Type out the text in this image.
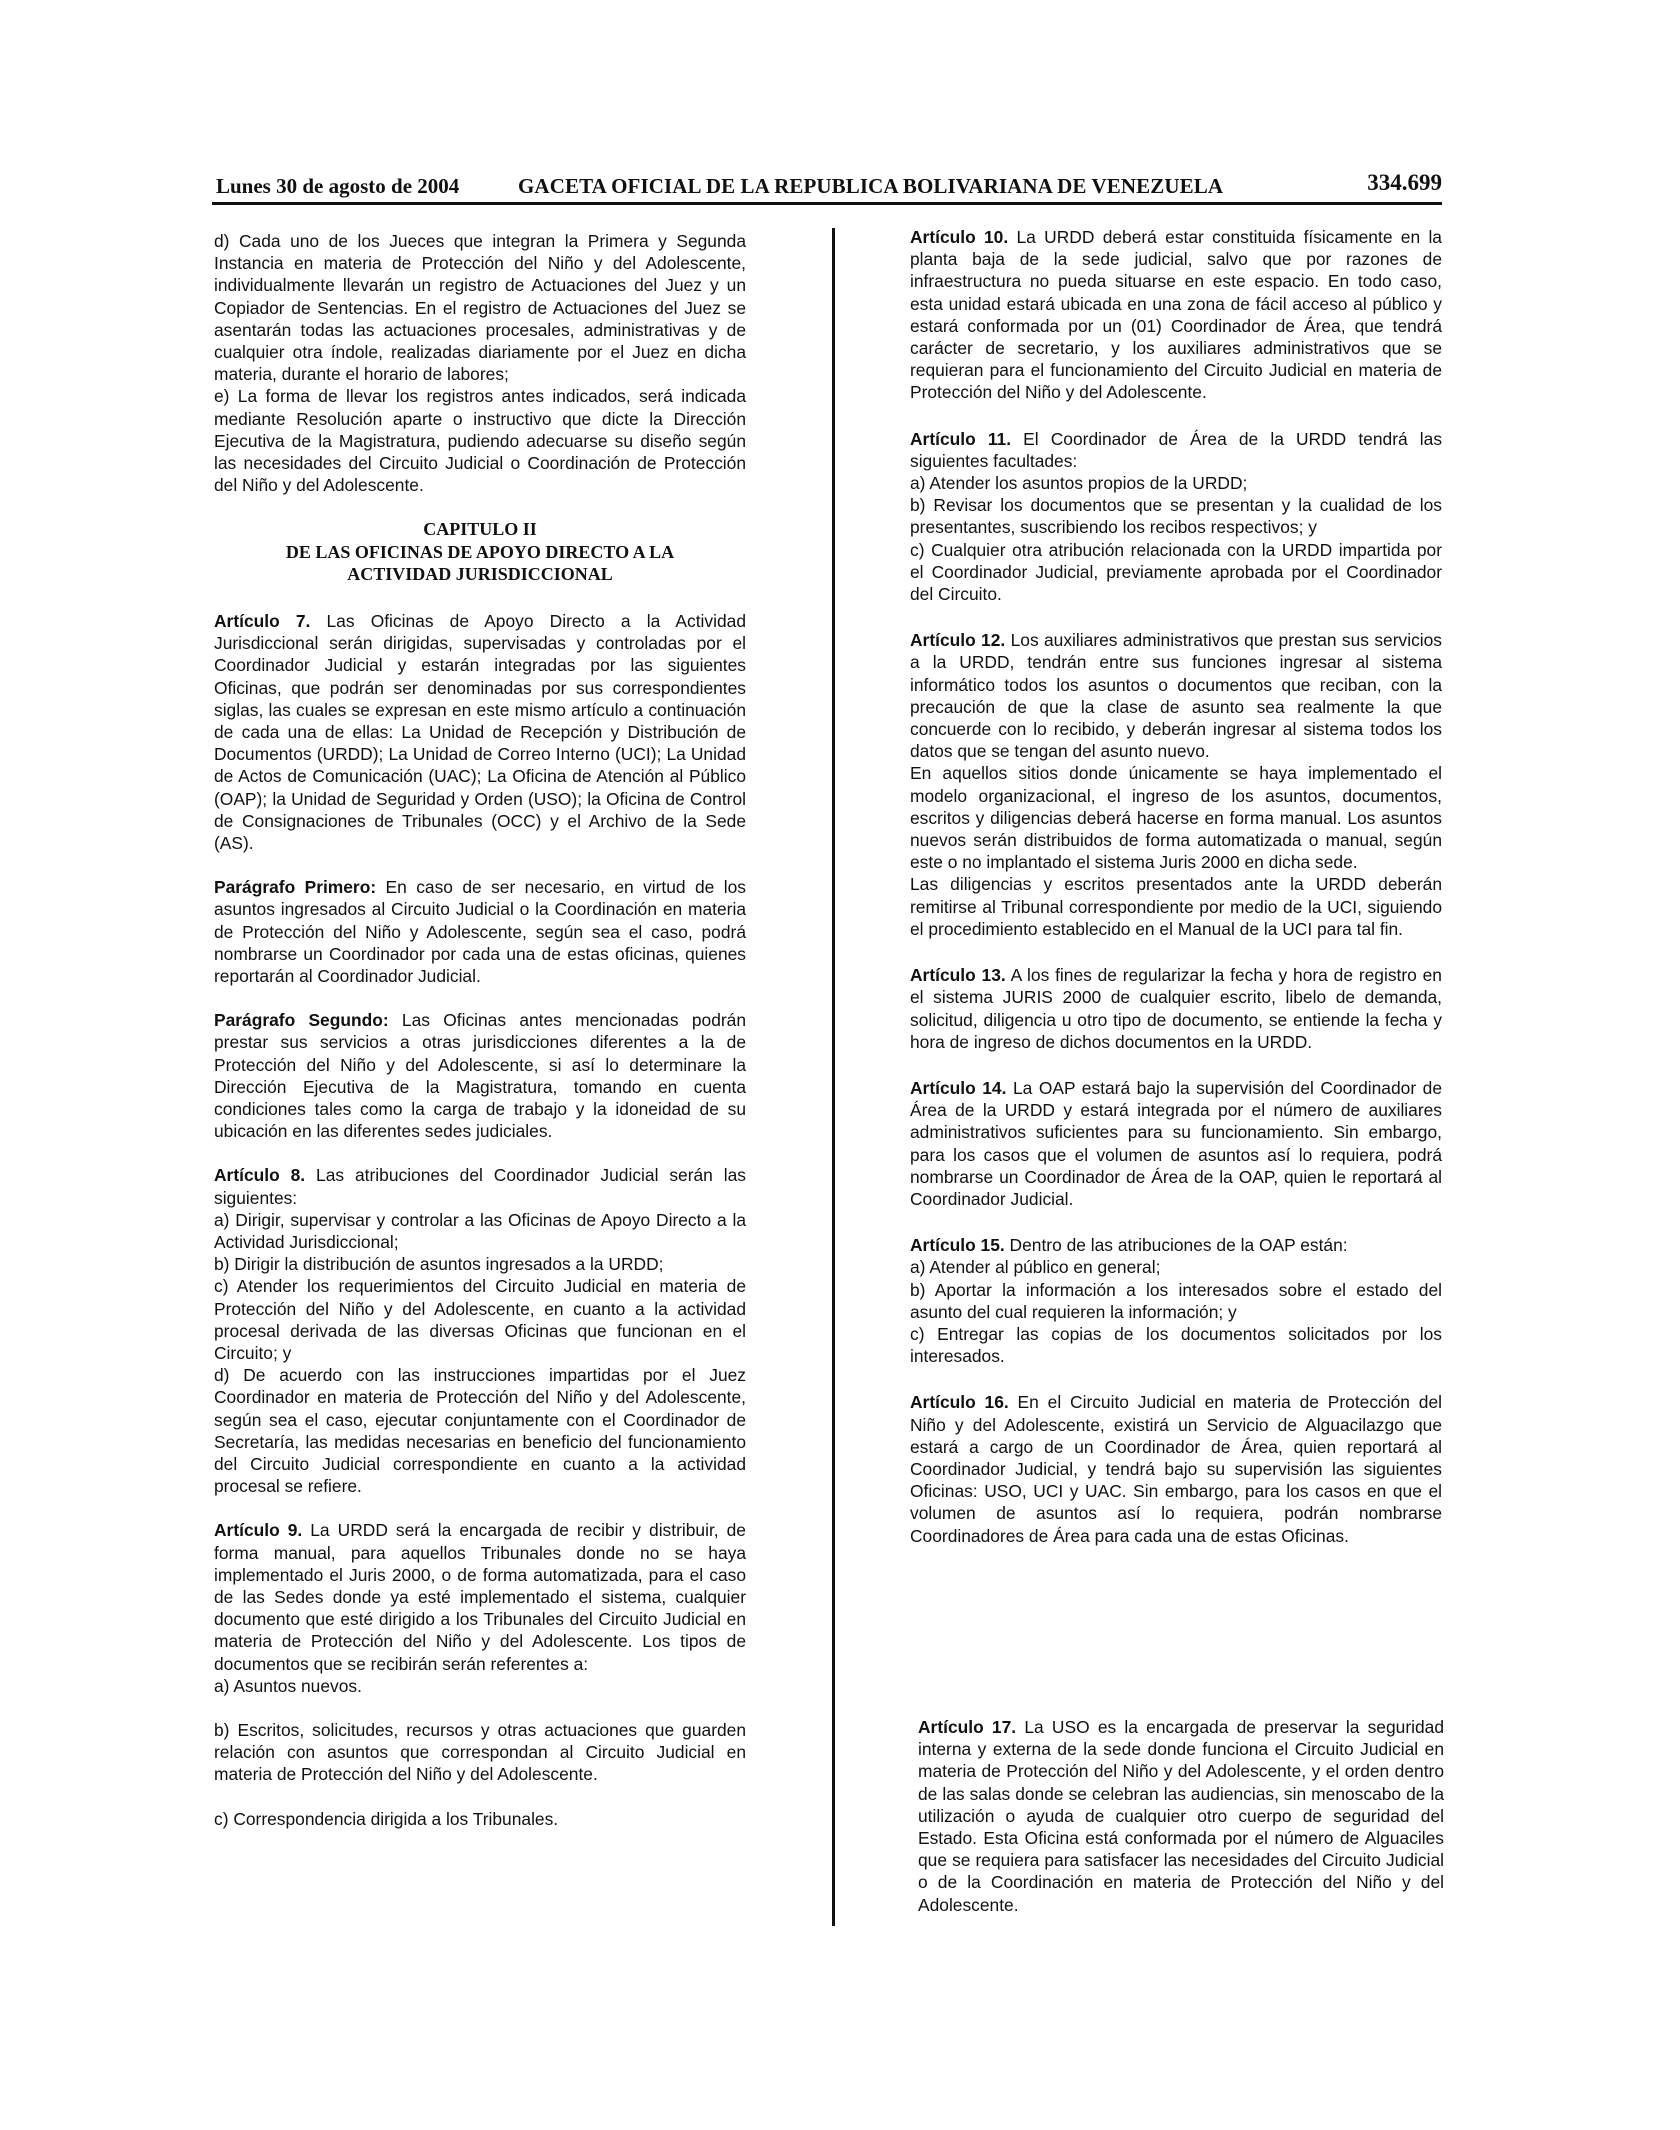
Lunes 30 de agosto de 2004	GACETA OFICIAL DE LA REPUBLICA BOLIVARIANA DE VENEZUELA	334.699

d) Cada uno de los Jueces que integran la Primera y Segunda Instancia en materia de Protección del Niño y del Adolescente, individualmente llevarán un registro de Actuaciones del Juez y un Copiador de Sentencias. En el registro de Actuaciones del Juez se asentarán todas las actuaciones procesales, administrativas y de cualquier otra índole, realizadas diariamente por el Juez en dicha materia, durante el horario de labores;

e) La forma de llevar los registros antes indicados, será indicada mediante Resolución aparte o instructivo que dicte la Dirección Ejecutiva de la Magistratura, pudiendo adecuarse su diseño según las necesidades del Circuito Judicial o Coordinación de Protección del Niño y del Adolescente.

CAPITULO II
DE LAS OFICINAS DE APOYO DIRECTO A LA
ACTIVIDAD JURISDICCIONAL

Artículo 7. Las Oficinas de Apoyo Directo a la Actividad Jurisdiccional serán dirigidas, supervisadas y controladas por el Coordinador Judicial y estarán integradas por las siguientes Oficinas, que podrán ser denominadas por sus correspondientes siglas, las cuales se expresan en este mismo artículo a continuación de cada una de ellas: La Unidad de Recepción y Distribución de Documentos (URDD); La Unidad de Correo Interno (UCI); La Unidad de Actos de Comunicación (UAC); La Oficina de Atención al Público (OAP); la Unidad de Seguridad y Orden (USO); la Oficina de Control de Consignaciones de Tribunales (OCC) y el Archivo de la Sede (AS).

Parágrafo Primero: En caso de ser necesario, en virtud de los asuntos ingresados al Circuito Judicial o la Coordinación en materia de Protección del Niño y Adolescente, según sea el caso, podrá nombrarse un Coordinador por cada una de estas oficinas, quienes reportarán al Coordinador Judicial.

Parágrafo Segundo: Las Oficinas antes mencionadas podrán prestar sus servicios a otras jurisdicciones diferentes a la de Protección del Niño y del Adolescente, si así lo determinare la Dirección Ejecutiva de la Magistratura, tomando en cuenta condiciones tales como la carga de trabajo y la idoneidad de su ubicación en las diferentes sedes judiciales.

Artículo 8. Las atribuciones del Coordinador Judicial serán las siguientes:

a) Dirigir, supervisar y controlar a las Oficinas de Apoyo Directo a la Actividad Jurisdiccional;

b) Dirigir la distribución de asuntos ingresados a la URDD;

c) Atender los requerimientos del Circuito Judicial en materia de Protección del Niño y del Adolescente, en cuanto a la actividad procesal derivada de las diversas Oficinas que funcionan en el Circuito; y

d) De acuerdo con las instrucciones impartidas por el Juez Coordinador en materia de Protección del Niño y del Adolescente, según sea el caso, ejecutar conjuntamente con el Coordinador de Secretaría, las medidas necesarias en beneficio del funcionamiento del Circuito Judicial correspondiente en cuanto a la actividad procesal se refiere.

Artículo 9. La URDD será la encargada de recibir y distribuir, de forma manual, para aquellos Tribunales donde no se haya implementado el Juris 2000, o de forma automatizada, para el caso de las Sedes donde ya esté implementado el sistema, cualquier documento que esté dirigido a los Tribunales del Circuito Judicial en materia de Protección del Niño y del Adolescente. Los tipos de documentos que se recibirán serán referentes a:

a) Asuntos nuevos.

b) Escritos, solicitudes, recursos y otras actuaciones que guarden relación con asuntos que correspondan al Circuito Judicial en materia de Protección del Niño y del Adolescente.

c) Correspondencia dirigida a los Tribunales.

Artículo 10. La URDD deberá estar constituida físicamente en la planta baja de la sede judicial, salvo que por razones de infraestructura no pueda situarse en este espacio. En todo caso, esta unidad estará ubicada en una zona de fácil acceso al público y estará conformada por un (01) Coordinador de Área, que tendrá carácter de secretario, y los auxiliares administrativos que se requieran para el funcionamiento del Circuito Judicial en materia de Protección del Niño y del Adolescente.

Artículo 11. El Coordinador de Área de la URDD tendrá las siguientes facultades:

a) Atender los asuntos propios de la URDD;

b) Revisar los documentos que se presentan y la cualidad de los presentantes, suscribiendo los recibos respectivos; y

c) Cualquier otra atribución relacionada con la URDD impartida por el Coordinador Judicial, previamente aprobada por el Coordinador del Circuito.

Artículo 12. Los auxiliares administrativos que prestan sus servicios a la URDD, tendrán entre sus funciones ingresar al sistema informático todos los asuntos o documentos que reciban, con la precaución de que la clase de asunto sea realmente la que concuerde con lo recibido, y deberán ingresar al sistema todos los datos que se tengan del asunto nuevo.

En aquellos sitios donde únicamente se haya implementado el modelo organizacional, el ingreso de los asuntos, documentos, escritos y diligencias deberá hacerse en forma manual. Los asuntos nuevos serán distribuidos de forma automatizada o manual, según este o no implantado el sistema Juris 2000 en dicha sede.

Las diligencias y escritos presentados ante la URDD deberán remitirse al Tribunal correspondiente por medio de la UCI, siguiendo el procedimiento establecido en el Manual de la UCI para tal fin.

Artículo 13. A los fines de regularizar la fecha y hora de registro en el sistema JURIS 2000 de cualquier escrito, libelo de demanda, solicitud, diligencia u otro tipo de documento, se entiende la fecha y hora de ingreso de dichos documentos en la URDD.

Artículo 14. La OAP estará bajo la supervisión del Coordinador de Área de la URDD y estará integrada por el número de auxiliares administrativos suficientes para su funcionamiento. Sin embargo, para los casos que el volumen de asuntos así lo requiera, podrá nombrarse un Coordinador de Área de la OAP, quien le reportará al Coordinador Judicial.

Artículo 15. Dentro de las atribuciones de la OAP están:

a) Atender al público en general;

b) Aportar la información a los interesados sobre el estado del asunto del cual requieren la información; y

c) Entregar las copias de los documentos solicitados por los interesados.

Artículo 16. En el Circuito Judicial en materia de Protección del Niño y del Adolescente, existirá un Servicio de Alguacilazgo que estará a cargo de un Coordinador de Área, quien reportará al Coordinador Judicial, y tendrá bajo su supervisión las siguientes Oficinas: USO, UCI y UAC. Sin embargo, para los casos en que el volumen de asuntos así lo requiera, podrán nombrarse Coordinadores de Área para cada una de estas Oficinas.

Artículo 17. La USO es la encargada de preservar la seguridad interna y externa de la sede donde funciona el Circuito Judicial en materia de Protección del Niño y del Adolescente, y el orden dentro de las salas donde se celebran las audiencias, sin menoscabo de la utilización o ayuda de cualquier otro cuerpo de seguridad del Estado. Esta Oficina está conformada por el número de Alguaciles que se requiera para satisfacer las necesidades del Circuito Judicial o de la Coordinación en materia de Protección del Niño y del Adolescente.
